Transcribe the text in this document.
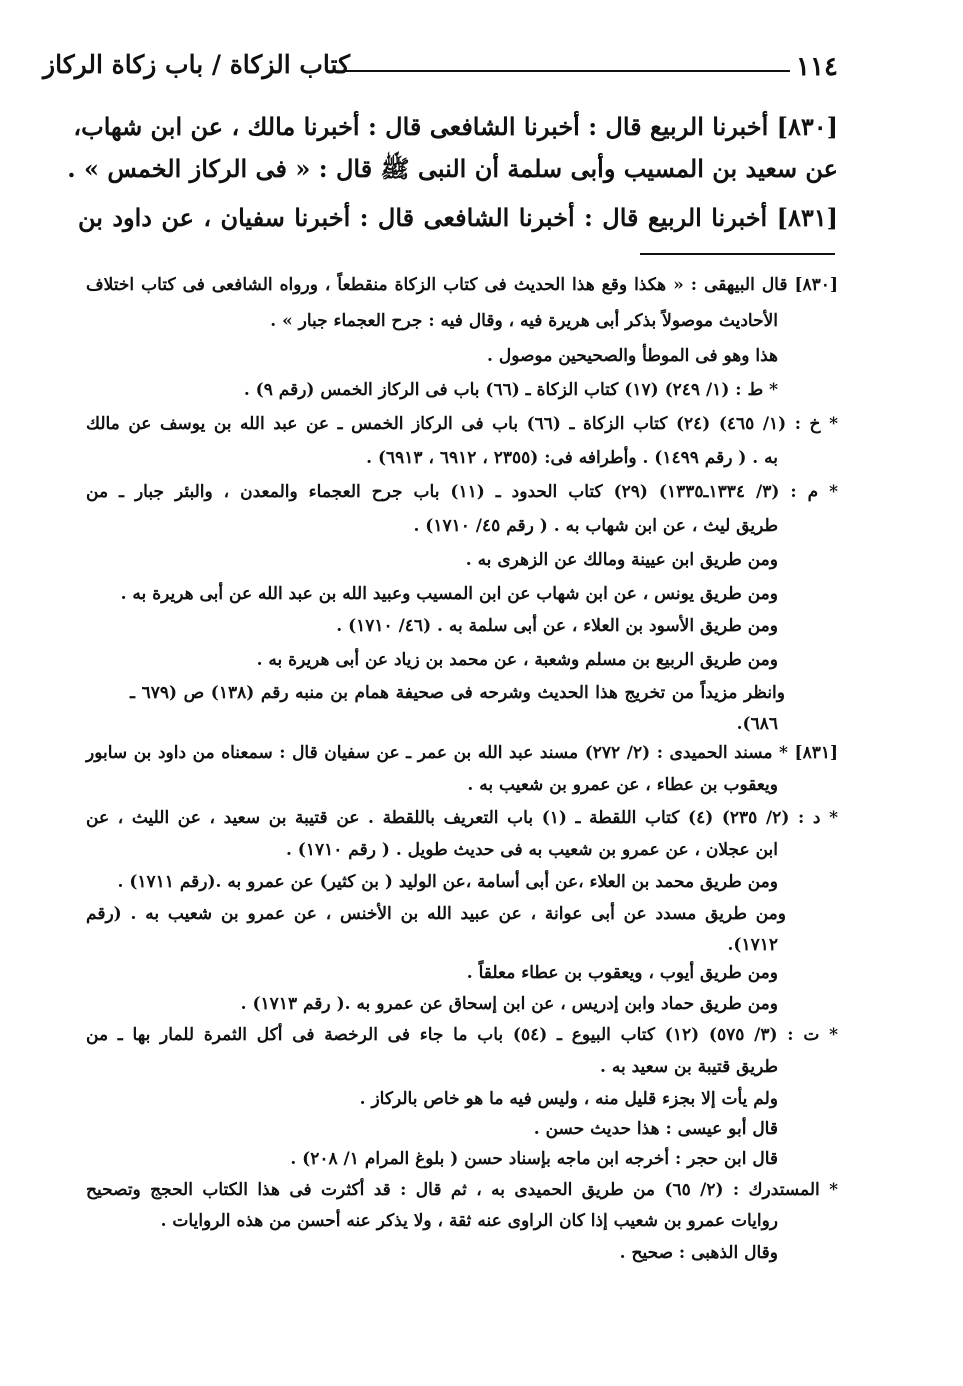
١١٤
كتاب الزكاة / باب زكاة الركاز
[٨٣٠] أخبرنا الربيع قال : أخبرنا الشافعى قال : أخبرنا مالك ، عن ابن شهاب،
عن سعيد بن المسيب وأبى سلمة أن النبى ﷺ قال : « فى الركاز الخمس » .
[٨٣١] أخبرنا الربيع قال : أخبرنا الشافعى قال : أخبرنا سفيان ، عن داود بن
[٨٣٠] قال البيهقى : « هكذا وقع هذا الحديث فى كتاب الزكاة منقطعاً ، ورواه الشافعى فى كتاب اختلاف
الأحاديث موصولاً بذكر أبى هريرة فيه ، وقال فيه : جرح العجماء جبار » .
هذا وهو فى الموطأ والصحيحين موصول .
* ط : (١/ ٢٤٩) (١٧) كتاب الزكاة ـ (٦٦) باب فى الركاز الخمس (رقم ٩) .
* خ : (١/ ٤٦٥) (٢٤) كتاب الزكاة ـ (٦٦) باب فى الركاز الخمس ـ عن عبد الله بن يوسف عن مالك
به . ( رقم ١٤٩٩) . وأطرافه فى: (٢٣٥٥ ، ٦٩١٢ ، ٦٩١٣) .
* م : (٣/ ١٣٣٤ـ١٣٣٥) (٢٩) كتاب الحدود ـ (١١) باب جرح العجماء والمعدن ، والبئر جبار ـ من
طريق ليث ، عن ابن شهاب به . ( رقم ٤٥/ ١٧١٠) .
ومن طريق ابن عيينة ومالك عن الزهرى به .
ومن طريق يونس ، عن ابن شهاب عن ابن المسيب وعبيد الله بن عبد الله عن أبى هريرة به .
ومن طريق الأسود بن العلاء ، عن أبى سلمة به . (٤٦/ ١٧١٠) .
ومن طريق الربيع بن مسلم وشعبة ، عن محمد بن زياد عن أبى هريرة به .
وانظر مزيداً من تخريج هذا الحديث وشرحه فى صحيفة همام بن منبه رقم (١٣٨) ص (٦٧٩ ـ
٦٨٦).
[٨٣١] * مسند الحميدى : (٢/ ٢٧٢) مسند عبد الله بن عمر ـ عن سفيان قال : سمعناه من داود بن سابور
ويعقوب بن عطاء ، عن عمرو بن شعيب به .
* د : (٢/ ٢٣٥) (٤) كتاب اللقطة ـ (١) باب التعريف باللقطة . عن قتيبة بن سعيد ، عن الليث ، عن
ابن عجلان ، عن عمرو بن شعيب به فى حديث طويل . ( رقم ١٧١٠) .
ومن طريق محمد بن العلاء ،عن أبى أسامة ،عن الوليد ( بن كثير) عن عمرو به .(رقم ١٧١١) .
ومن طريق مسدد عن أبى عوانة ، عن عبيد الله بن الأخنس ، عن عمرو بن شعيب به . (رقم
١٧١٢).
ومن طريق أيوب ، ويعقوب بن عطاء معلقاً .
ومن طريق حماد وابن إدريس ، عن ابن إسحاق عن عمرو به .( رقم ١٧١٣) .
* ت : (٣/ ٥٧٥) (١٢) كتاب البيوع ـ (٥٤) باب ما جاء فى الرخصة فى أكل الثمرة للمار بها ـ من
طريق قتيبة بن سعيد به .
ولم يأت إلا بجزء قليل منه ، وليس فيه ما هو خاص بالركاز .
قال أبو عيسى : هذا حديث حسن .
قال ابن حجر : أخرجه ابن ماجه بإسناد حسن ( بلوغ المرام ١/ ٢٠٨) .
* المستدرك : (٢/ ٦٥) من طريق الحميدى به ، ثم قال : قد أكثرت فى هذا الكتاب الحجج وتصحيح
روايات عمرو بن شعيب إذا كان الراوى عنه ثقة ، ولا يذكر عنه أحسن من هذه الروايات .
وقال الذهبى : صحيح .
